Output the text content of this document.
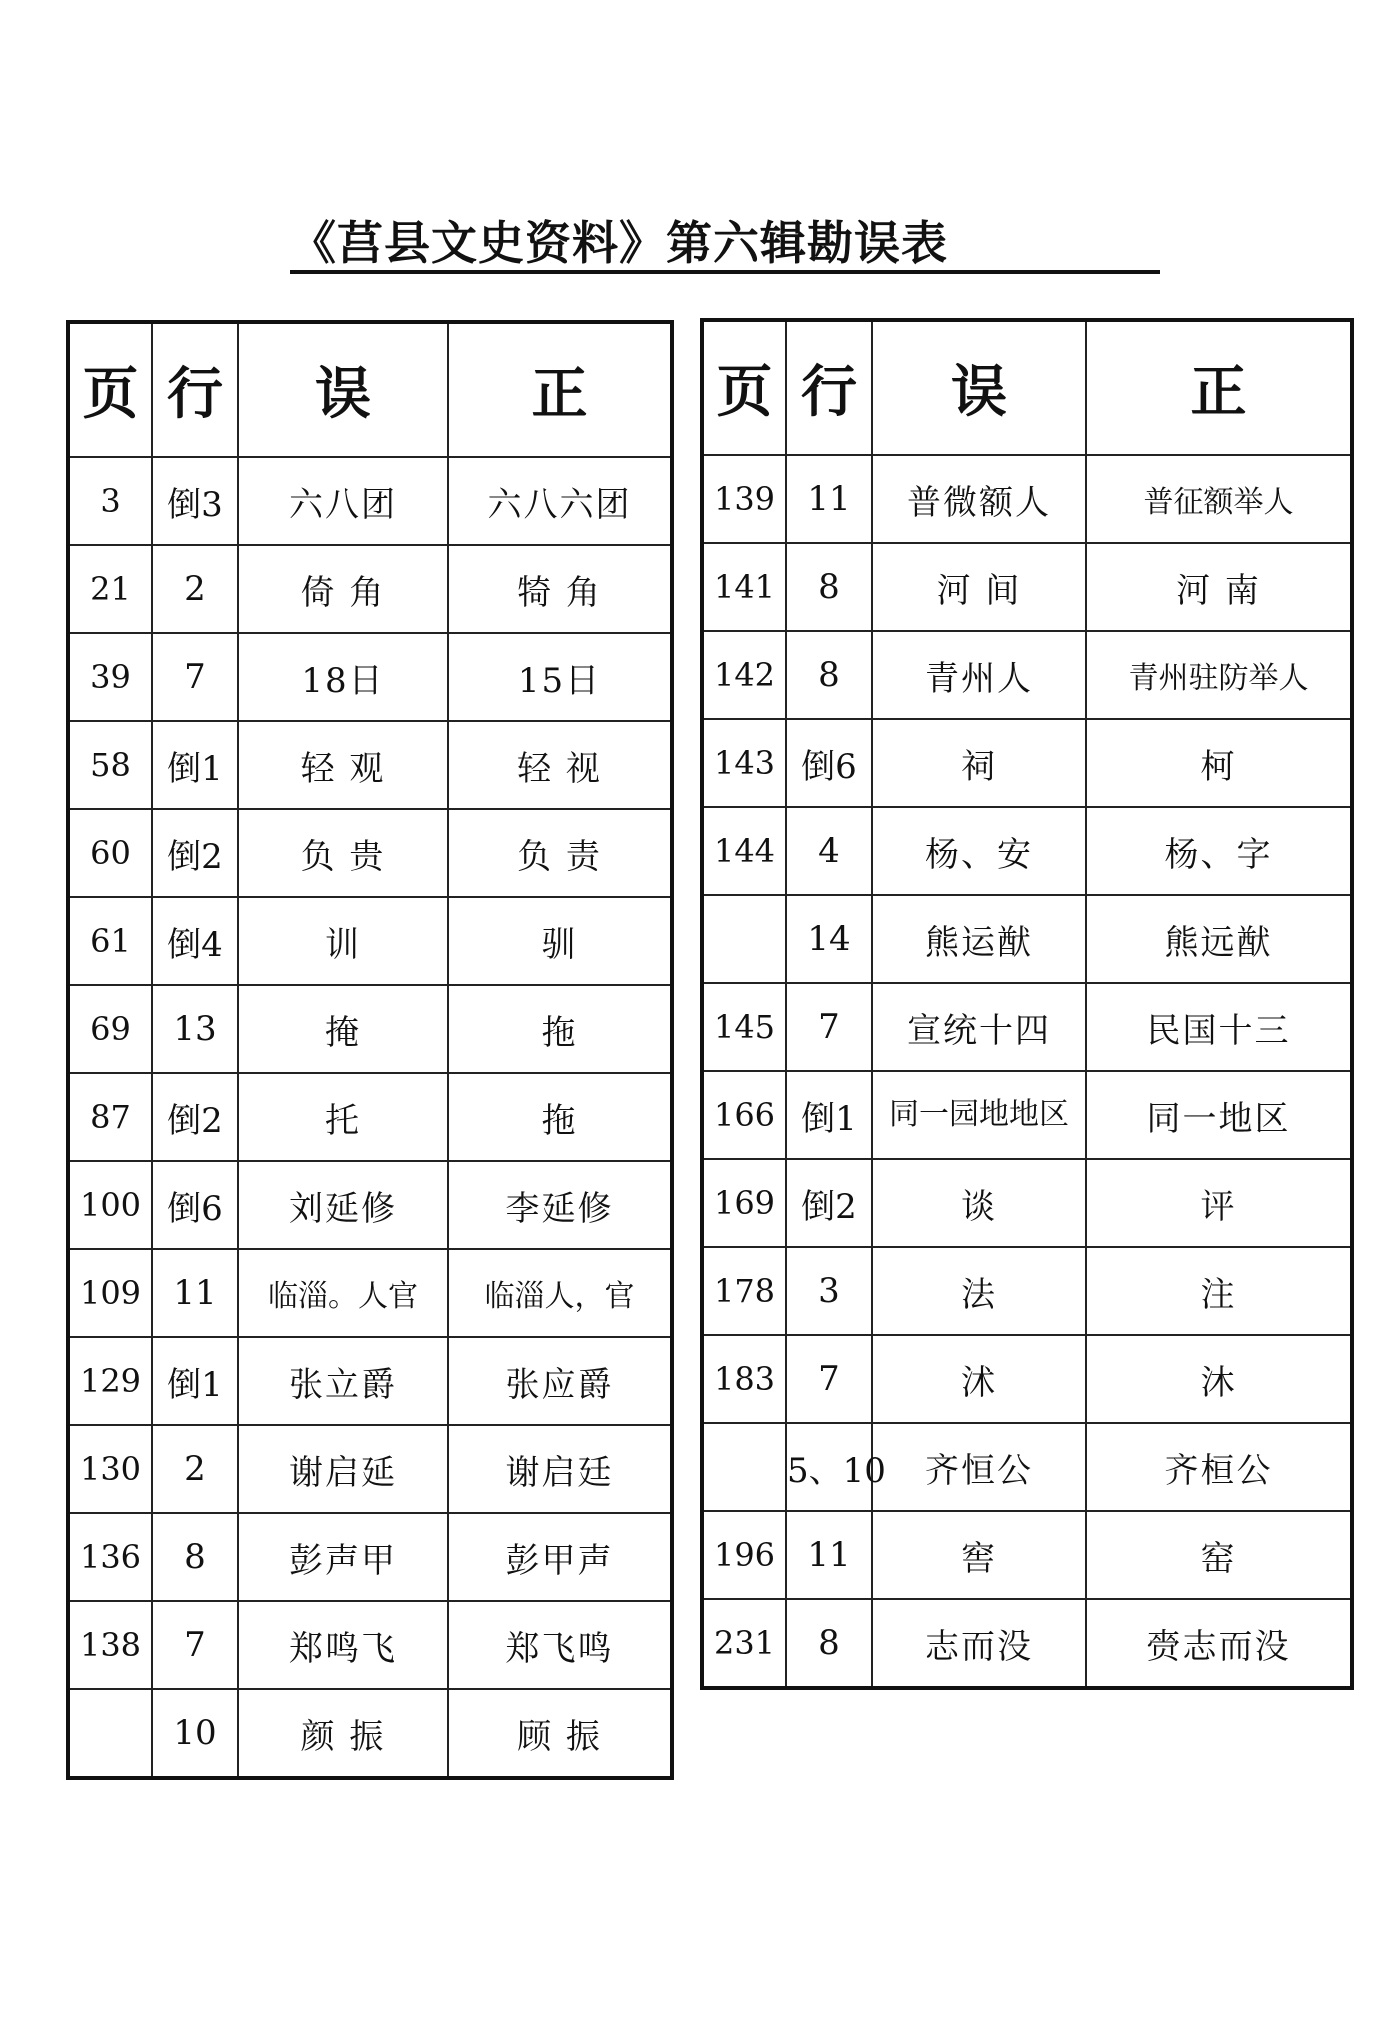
《莒县文史资料》第六辑勘误表
页	行	误	正
3	倒3	六八团	六八六团
21	2	倚 角	犄 角
39	7	18日	15日
58	倒1	轻 观	轻 视
60	倒2	负 贵	负 责
61	倒4	训	驯
69	13	掩	拖
87	倒2	托	拖
100	倒6	刘延修	李延修
109	11	临淄。人官	临淄人，官
129	倒1	张立爵	张应爵
130	2	谢启延	谢启廷
136	8	彭声甲	彭甲声
138	7	郑鸣飞	郑飞鸣
	10	颜 振	顾 振
页	行	误	正
139	11	普微额人	普征额举人
141	8	河 间	河 南
142	8	青州人	青州驻防举人
143	倒6	祠	柯
144	4	杨、安	杨、字
	14	熊运猷	熊远猷
145	7	宣统十四	民国十三
166	倒1	同一园地地区	同一地区
169	倒2	谈	评
178	3	法	注
183	7	沭	沐
	5、10	齐恒公	齐桓公
196	11	窖	窑
231	8	志而没	赍志而没
